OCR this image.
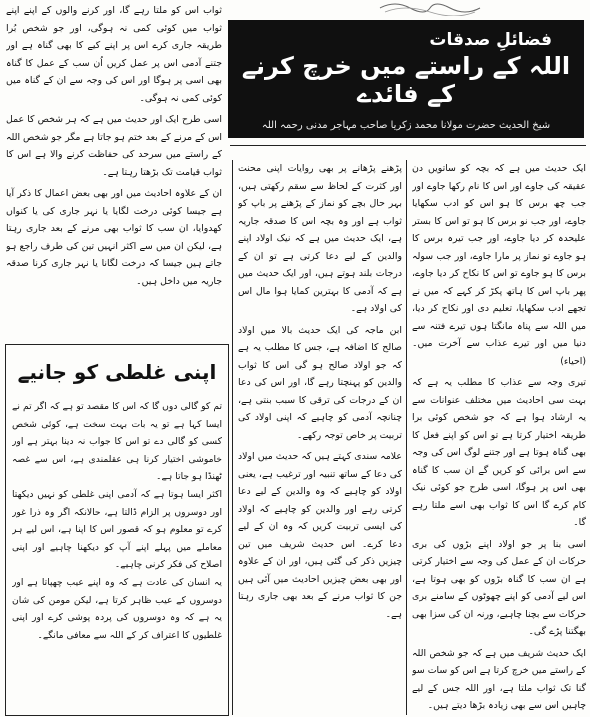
فضائلِ صدقات
اللہ کے راستے میں خرچ کرنے کے فائدے
شیخ الحدیث حضرت مولانا محمد زکریا صاحب مہاجر مدنی رحمہ اللہ

ثواب اس کو ملتا رہے گا، اور کرنے والوں کے اپنے اپنے ثواب میں کوئی کمی نہ ہوگی، اور جو شخص بُرا طریقہ جاری کرے اس پر اپنے کیے کا بھی گناہ ہے اور جتنے آدمی اس پر عمل کریں اُن سب کے عمل کا گناہ بھی اسی پر ہوگا اور اس کی وجہ سے ان کے گناہ میں کوئی کمی نہ ہوگی۔

اسی طرح ایک اور حدیث میں ہے کہ ہر شخص کا عمل اس کے مرنے کے بعد ختم ہو جاتا ہے مگر جو شخص اللہ کے راستے میں سرحد کی حفاظت کرنے والا ہے اس کا ثواب قیامت تک بڑھتا رہتا ہے۔

ان کے علاوہ احادیث میں اور بھی بعض اعمال کا ذکر آیا ہے جیسا کوئی درخت لگایا یا نہر جاری کی یا کنواں کھدوایا، ان سب کا ثواب بھی مرنے کے بعد جاری رہتا ہے، لیکن ان میں سے اکثر انہیں تین کی طرف راجع ہو جاتے ہیں جیسا کہ درخت لگانا یا نہر جاری کرنا صدقہ جاریہ میں داخل ہیں۔

اپنی غلطی کو جانیے

تم کو گالی دوں گا کہ اس کا مقصد تو ہے کہ اگر تم نے ایسا کہا ہے تو یہ بات بہت سخت ہے، کوئی شخص کسی کو گالی دے تو اس کا جواب نہ دینا بہتر ہے اور خاموشی اختیار کرنا ہی عقلمندی ہے، اس سے غصہ ٹھنڈا ہو جاتا ہے۔

اکثر ایسا ہوتا ہے کہ آدمی اپنی غلطی کو نہیں دیکھتا اور دوسروں پر الزام ڈالتا ہے، حالانکہ اگر وہ ذرا غور کرے تو معلوم ہو کہ قصور اس کا اپنا ہے، اس لیے ہر معاملے میں پہلے اپنے آپ کو دیکھنا چاہیے اور اپنی اصلاح کی فکر کرنی چاہیے۔

یہ انسان کی عادت ہے کہ وہ اپنے عیب چھپاتا ہے اور دوسروں کے عیب ظاہر کرتا ہے، لیکن مومن کی شان یہ ہے کہ وہ دوسروں کی پردہ پوشی کرے اور اپنی غلطیوں کا اعتراف کر کے اللہ سے معافی مانگے۔

پڑھنے پڑھانے پر بھی روایات اپنی محنت اور کثرت کے لحاظ سے سقم رکھتی ہیں، بہر حال بچے کو نماز کے پڑھنے پر باپ کو ثواب ہے اور وہ بچہ اس کا صدقہ جاریہ ہے، ایک حدیث میں ہے کہ نیک اولاد اپنے والدین کے لیے دعا کرتی ہے تو ان کے درجات بلند ہوتے ہیں، اور ایک حدیث میں ہے کہ آدمی کا بہترین کمایا ہوا مال اس کی اولاد ہے۔

ابن ماجہ کی ایک حدیث بالا میں اولاد صالح کا اضافہ ہے، جس کا مطلب یہ ہے کہ جو اولاد صالح ہو گی اس کا ثواب والدین کو پہنچتا رہے گا، اور اس کی دعا ان کے درجات کی ترقی کا سبب بنتی ہے، چنانچہ آدمی کو چاہیے کہ اپنی اولاد کی تربیت پر خاص توجہ رکھے۔

علامہ سندی کہتے ہیں کہ حدیث میں اولاد کی دعا کے ساتھ تنبیہ اور ترغیب ہے، یعنی اولاد کو چاہیے کہ وہ والدین کے لیے دعا کرتی رہے اور والدین کو چاہیے کہ اولاد کی ایسی تربیت کریں کہ وہ ان کے لیے دعا کرے۔ اس حدیث شریف میں تین چیزیں ذکر کی گئی ہیں، اور ان کے علاوہ اور بھی بعض چیزیں احادیث میں آئی ہیں جن کا ثواب مرنے کے بعد بھی جاری رہتا ہے۔

ایک حدیث میں ہے کہ بچہ کو ساتویں دن عقیقہ کی جاوے اور اس کا نام رکھا جاوے اور جب چھ برس کا ہو اس کو ادب سکھایا جاوے، اور جب نو برس کا ہو تو اس کا بستر علیحدہ کر دیا جاوے، اور جب تیرہ برس کا ہو جاوے تو نماز پر مارا جاوے، اور جب سولہ برس کا ہو جاوے تو اس کا نکاح کر دیا جاوے، پھر باپ اس کا ہاتھ پکڑ کر کہے کہ میں نے تجھے ادب سکھایا، تعلیم دی اور نکاح کر دیا، میں اللہ سے پناہ مانگتا ہوں تیرے فتنہ سے دنیا میں اور تیرے عذاب سے آخرت میں۔ (احیاء)

تیری وجہ سے عذاب کا مطلب یہ ہے کہ بہت سی احادیث میں مختلف عنوانات سے یہ ارشاد ہوا ہے کہ جو شخص کوئی برا طریقہ اختیار کرتا ہے تو اس کو اپنے فعل کا بھی گناہ ہوتا ہے اور جتنے لوگ اس کی وجہ سے اس برائی کو کریں گے ان سب کا گناہ بھی اس پر ہوگا، اسی طرح جو کوئی نیک کام کرے گا اس کا ثواب بھی اسے ملتا رہے گا۔

اسی بنا پر جو اولاد اپنے بڑوں کی بری حرکات ان کے عمل کی وجہ سے اختیار کرتی ہے ان سب کا گناہ بڑوں کو بھی ہوتا ہے، اس لیے آدمی کو اپنے چھوٹوں کے سامنے بری حرکات سے بچنا چاہیے، ورنہ ان کی سزا بھی بھگتنا پڑے گی۔

ایک حدیث شریف میں ہے کہ جو شخص اللہ کے راستے میں خرچ کرتا ہے اس کو سات سو گنا تک ثواب ملتا ہے، اور اللہ جس کے لیے چاہیں اس سے بھی زیادہ بڑھا دیتے ہیں۔
